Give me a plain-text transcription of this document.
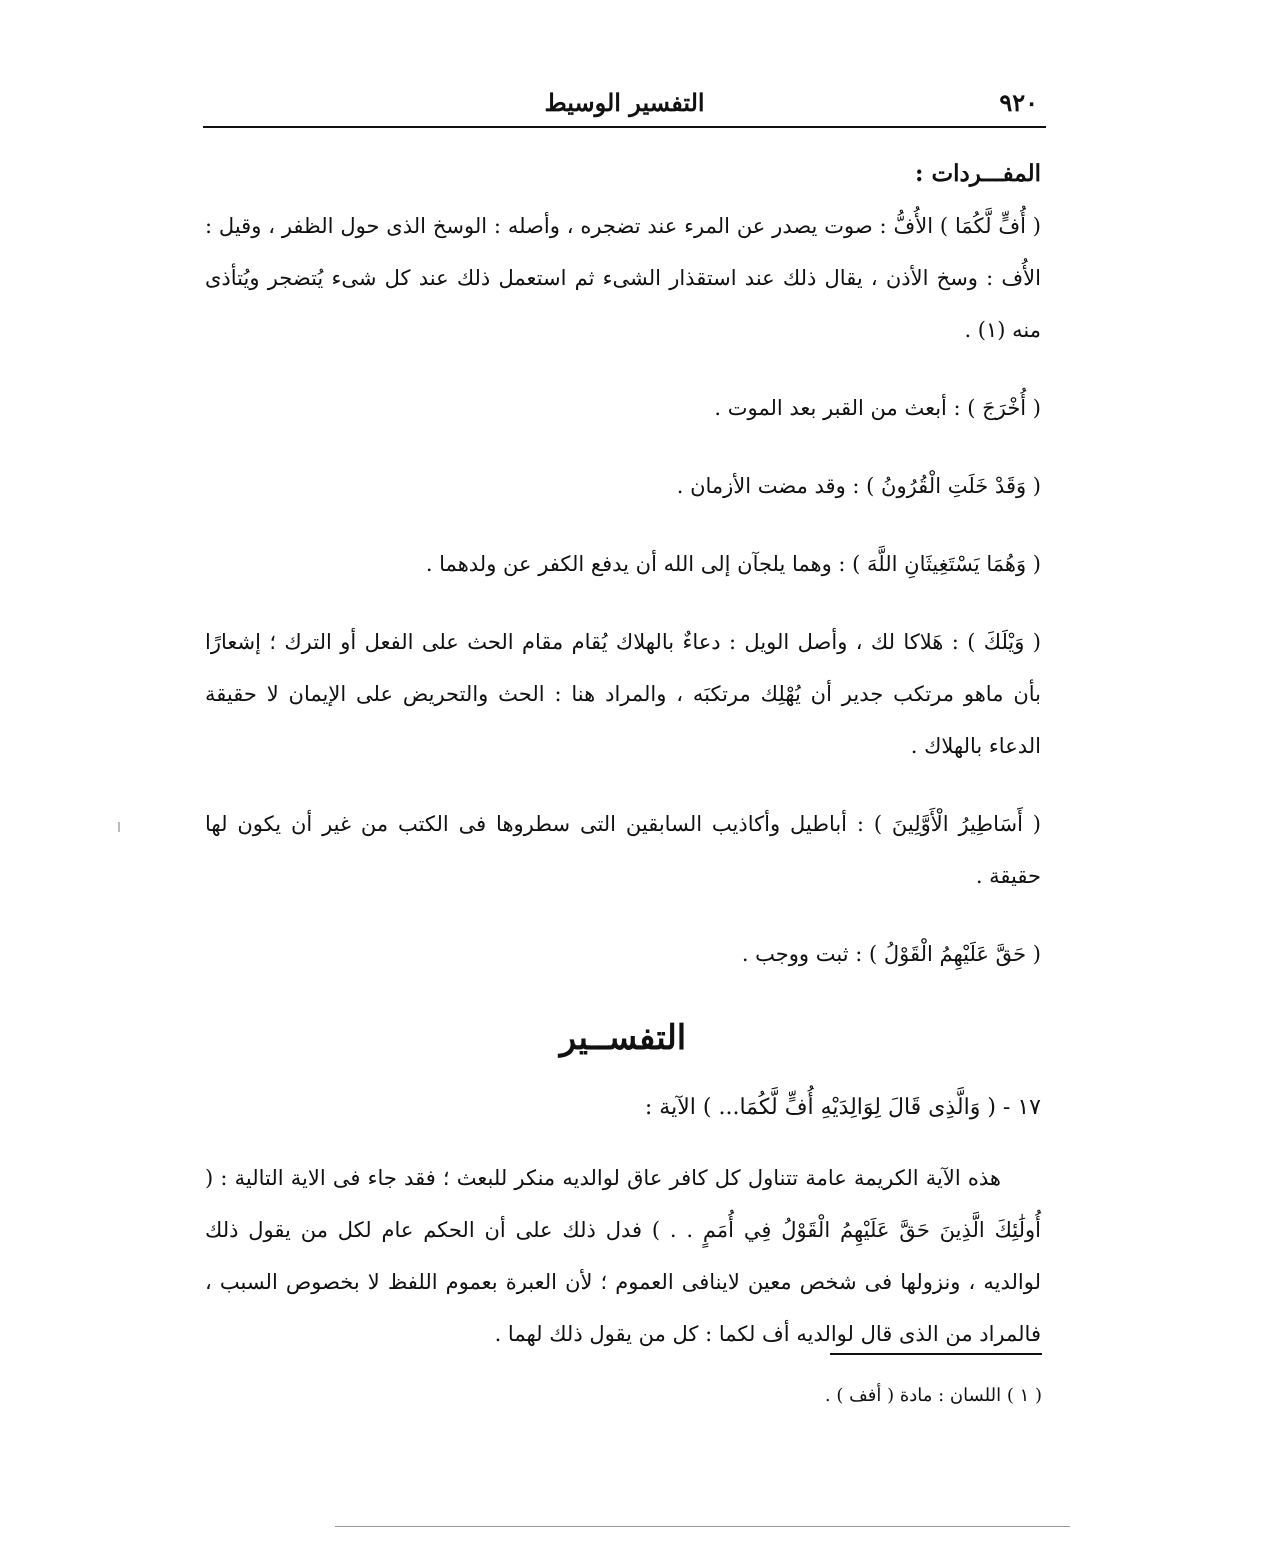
التفسير الوسيط	٩٢٠

المفـــردات :

( أُفٍّ لَّكُمَا ) الأُفُّ : صوت يصدر عن المرء عند تضجره ، وأصله : الوسخ الذى حول الظفر ، وقيل : الأُف : وسخ الأذن ، يقال ذلك عند استقذار الشىء ثم استعمل ذلك عند كل شىء يُتضجر ويُتأذى منه (١) .

( أُخْرَجَ ) : أبعث من القبر بعد الموت .

( وَقَدْ خَلَتِ الْقُرُونُ ) : وقد مضت الأزمان .

( وَهُمَا يَسْتَغِيثَانِ اللَّهَ ) : وهما يلجآن إلى الله أن يدفع الكفر عن ولدهما .

( وَيْلَكَ ) : هَلاكا لك ، وأصل الويل : دعاءٌ بالهلاك يُقام مقام الحث على الفعل أو الترك ؛ إشعارًا بأن ماهو مرتكب جدير أن يُهْلِك مرتكبَه ، والمراد هنا : الحث والتحريض على الإيمان لا حقيقة الدعاء بالهلاك .

( أَسَاطِيرُ الْأَوَّلِينَ ) : أباطيل وأكاذيب السابقين التى سطروها فى الكتب من غير أن يكون لها حقيقة .

( حَقَّ عَلَيْهِمُ الْقَوْلُ ) : ثبت ووجب .

التفســير

١٧ - ( وَالَّذِى قَالَ لِوَالِدَيْهِ أُفٍّ لَّكُمَا... ) الآية :

هذه الآية الكريمة عامة تتناول كل كافر عاق لوالديه منكر للبعث ؛ فقد جاء فى الاية التالية : ( أُولَٰئِكَ الَّذِينَ حَقَّ عَلَيْهِمُ الْقَوْلُ فِي أُمَمٍ . . ) فدل ذلك على أن الحكم عام لكل من يقول ذلك لوالديه ، ونزولها فى شخص معين لاينافى العموم ؛ لأن العبرة بعموم اللفظ لا بخصوص السبب ، فالمراد من الذى قال لوالديه أف لكما : كل من يقول ذلك لهما .

( ١ ) اللسان : مادة ( أفف ) .
